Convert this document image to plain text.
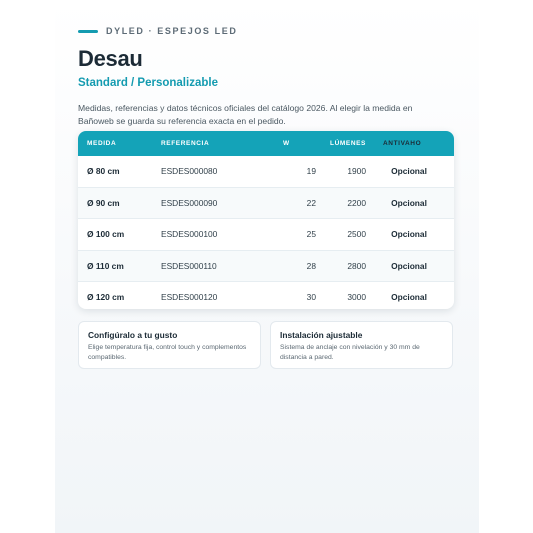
DYLED · ESPEJOS LED
Desau
Standard / Personalizable
Medidas, referencias y datos técnicos oficiales del catálogo 2026. Al elegir la medida en Bañoweb se guarda su referencia exacta en el pedido.
MEDIDA	REFERENCIA	W	LÚMENES	ANTIVAHO
Ø 80 cm	ESDES000080	19	1900	Opcional
Ø 90 cm	ESDES000090	22	2200	Opcional
Ø 100 cm	ESDES000100	25	2500	Opcional
Ø 110 cm	ESDES000110	28	2800	Opcional
Ø 120 cm	ESDES000120	30	3000	Opcional
Configúralo a tu gusto
Elige temperatura fija, control touch y complementos compatibles.
Instalación ajustable
Sistema de anclaje con nivelación y 30 mm de distancia a pared.
